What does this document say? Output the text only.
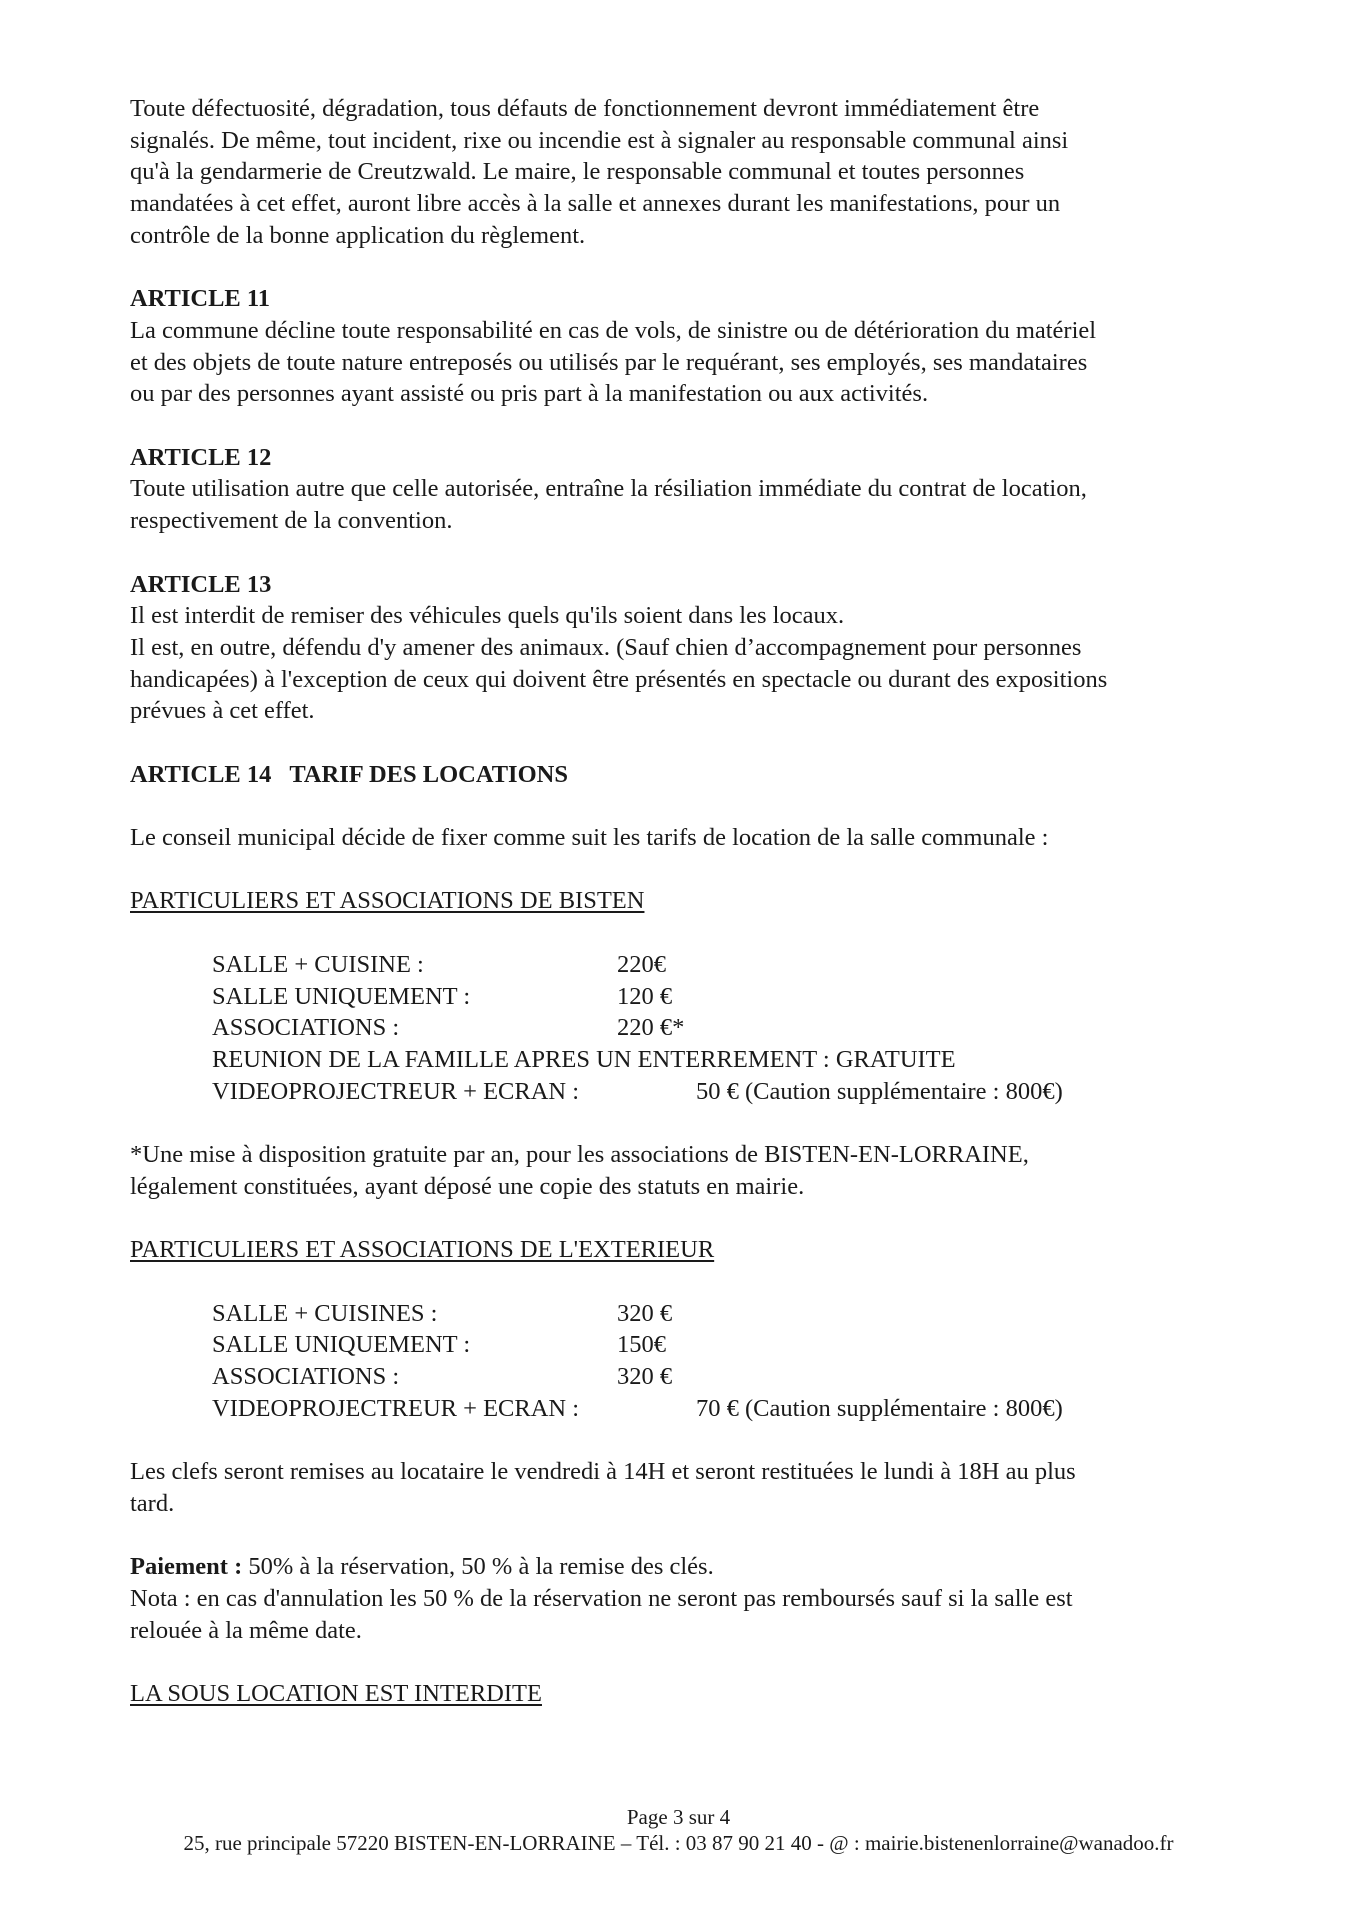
Toute défectuosité, dégradation, tous défauts de fonctionnement devront immédiatement être

signalés. De même, tout incident, rixe ou incendie est à signaler au responsable communal ainsi

qu'à la gendarmerie de Creutzwald. Le maire, le responsable communal et toutes personnes

mandatées à cet effet, auront libre accès à la salle et annexes durant les manifestations, pour un

contrôle de la bonne application du règlement.

ARTICLE 11

La commune décline toute responsabilité en cas de vols, de sinistre ou de détérioration du matériel

et des objets de toute nature entreposés ou utilisés par le requérant, ses employés, ses mandataires

ou par des personnes ayant assisté ou pris part à la manifestation ou aux activités.

ARTICLE 12

Toute utilisation autre que celle autorisée, entraîne la résiliation immédiate du contrat de location,

respectivement de la convention.

ARTICLE 13

Il est interdit de remiser des véhicules quels qu'ils soient dans les locaux.

Il est, en outre, défendu d'y amener des animaux. (Sauf chien d’accompagnement pour personnes

handicapées) à l'exception de ceux qui doivent être présentés en spectacle ou durant des expositions

prévues à cet effet.

ARTICLE 14   TARIF DES LOCATIONS

Le conseil municipal décide de fixer comme suit les tarifs de location de la salle communale :

PARTICULIERS ET ASSOCIATIONS DE BISTEN

SALLE + CUISINE :	220€
SALLE UNIQUEMENT :	120 €
ASSOCIATIONS :	220 €*
REUNION DE LA FAMILLE APRES UN ENTERREMENT : GRATUITE
VIDEOPROJECTREUR + ECRAN :	50 € (Caution supplémentaire : 800€)

*Une mise à disposition gratuite par an, pour les associations de BISTEN-EN-LORRAINE,

légalement constituées, ayant déposé une copie des statuts en mairie.

PARTICULIERS ET ASSOCIATIONS DE L'EXTERIEUR

SALLE + CUISINES :	320 €
SALLE UNIQUEMENT :	150€
ASSOCIATIONS :	320 €
VIDEOPROJECTREUR + ECRAN :	70 € (Caution supplémentaire : 800€)

Les clefs seront remises au locataire le vendredi à 14H et seront restituées le lundi à 18H au plus

tard.

Paiement : 50% à la réservation, 50 % à la remise des clés.

Nota : en cas d'annulation les 50 % de la réservation ne seront pas remboursés sauf si la salle est

relouée à la même date.

LA SOUS LOCATION EST INTERDITE

Page 3 sur 4
25, rue principale 57220 BISTEN-EN-LORRAINE – Tél. : 03 87 90 21 40 - @ : mairie.bistenenlorraine@wanadoo.fr
